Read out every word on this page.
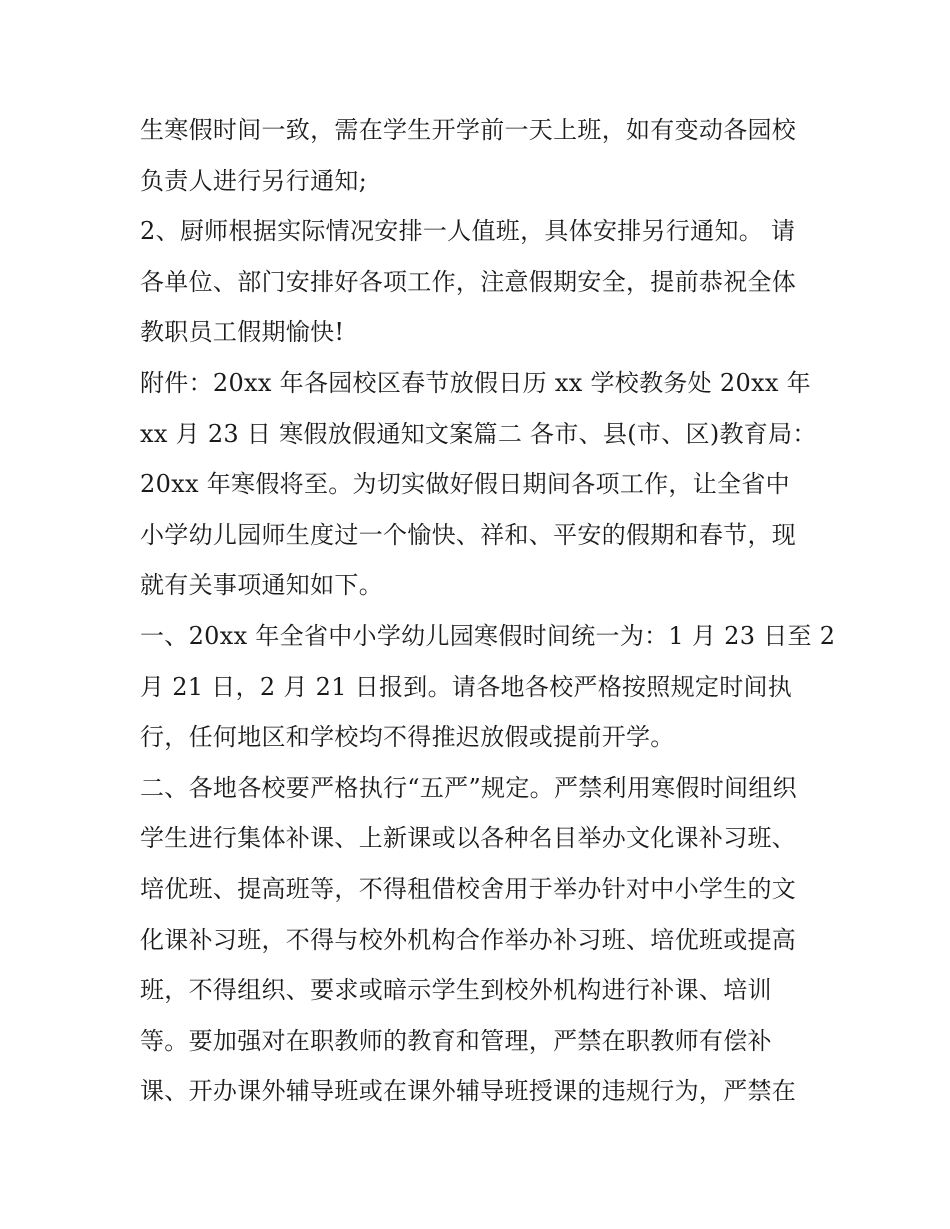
生寒假时间一致，需在学生开学前一天上班，如有变动各园校
负责人进行另行通知;
2、厨师根据实际情况安排一人值班，具体安排另行通知。 请
各单位、部门安排好各项工作，注意假期安全，提前恭祝全体
教职员工假期愉快!
附件：20xx 年各园校区春节放假日历 xx 学校教务处 20xx 年
xx 月 23 日 寒假放假通知文案篇二 各市、县(市、区)教育局：
20xx 年寒假将至。为切实做好假日期间各项工作，让全省中
小学幼儿园师生度过一个愉快、祥和、平安的假期和春节，现
就有关事项通知如下。
一、20xx 年全省中小学幼儿园寒假时间统一为：1 月 23 日至 2
月 21 日，2 月 21 日报到。请各地各校严格按照规定时间执
行，任何地区和学校均不得推迟放假或提前开学。
二、各地各校要严格执行“五严”规定。严禁利用寒假时间组织
学生进行集体补课、上新课或以各种名目举办文化课补习班、
培优班、提高班等，不得租借校舍用于举办针对中小学生的文
化课补习班，不得与校外机构合作举办补习班、培优班或提高
班，不得组织、要求或暗示学生到校外机构进行补课、培训
等。要加强对在职教师的教育和管理，严禁在职教师有偿补
课、开办课外辅导班或在课外辅导班授课的违规行为，严禁在
